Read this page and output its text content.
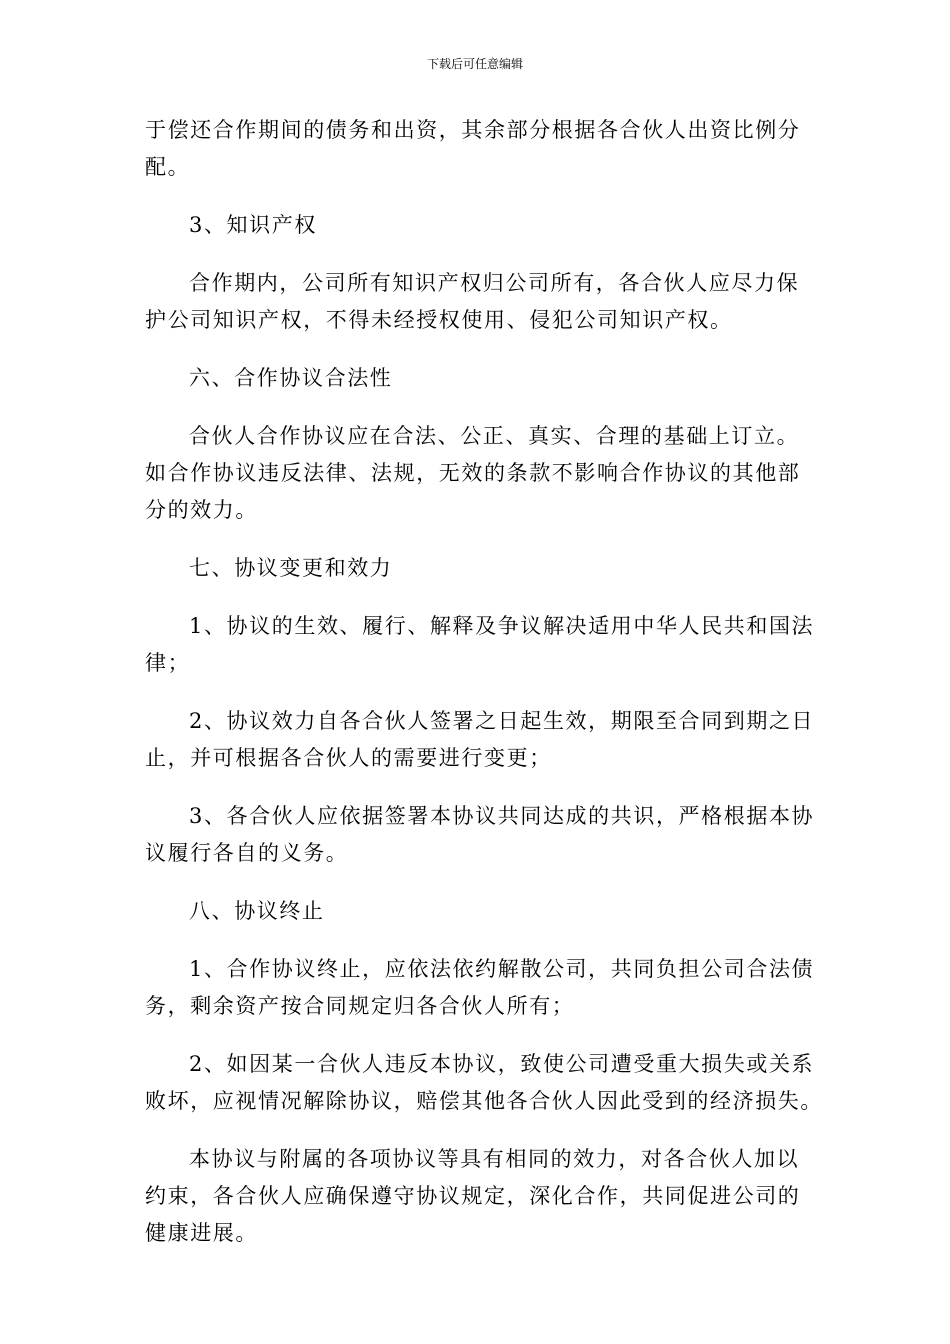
下载后可任意编辑

于偿还合作期间的债务和出资，其余部分根据各合伙人出资比例分
配。

3、知识产权

合作期内，公司所有知识产权归公司所有，各合伙人应尽力保
护公司知识产权，不得未经授权使用、侵犯公司知识产权。

六、合作协议合法性

合伙人合作协议应在合法、公正、真实、合理的基础上订立。
如合作协议违反法律、法规，无效的条款不影响合作协议的其他部
分的效力。

七、协议变更和效力

1、协议的生效、履行、解释及争议解决适用中华人民共和国法
律；

2、协议效力自各合伙人签署之日起生效，期限至合同到期之日
止，并可根据各合伙人的需要进行变更；

3、各合伙人应依据签署本协议共同达成的共识，严格根据本协
议履行各自的义务。

八、协议终止

1、合作协议终止，应依法依约解散公司，共同负担公司合法债
务，剩余资产按合同规定归各合伙人所有；

2、如因某一合伙人违反本协议，致使公司遭受重大损失或关系
败坏，应视情况解除协议，赔偿其他各合伙人因此受到的经济损失。

本协议与附属的各项协议等具有相同的效力，对各合伙人加以
约束，各合伙人应确保遵守协议规定，深化合作，共同促进公司的
健康进展。
